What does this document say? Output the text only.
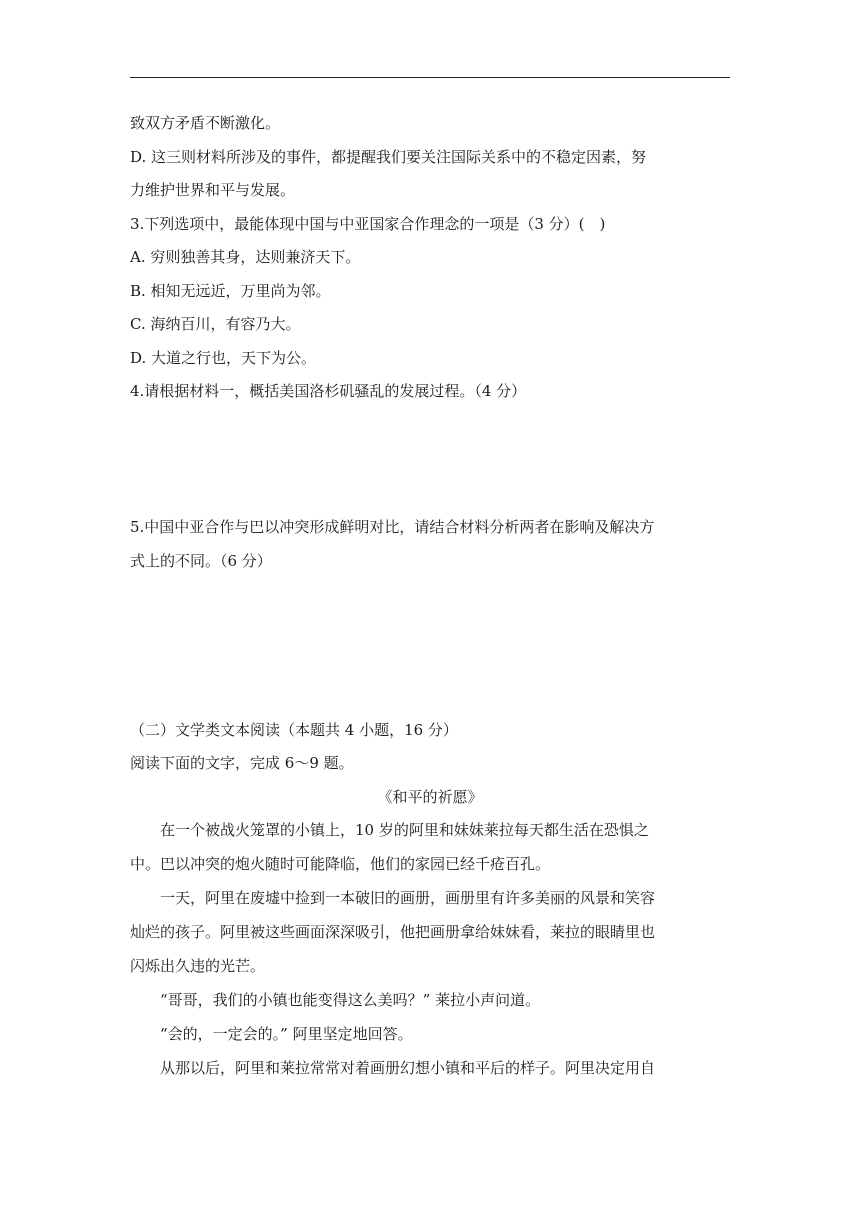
致双方矛盾不断激化。
D. 这三则材料所涉及的事件，都提醒我们要关注国际关系中的不稳定因素，努
力维护世界和平与发展。
3.下列选项中，最能体现中国与中亚国家合作理念的一项是（3 分）(　)
A. 穷则独善其身，达则兼济天下。
B. 相知无远近，万里尚为邻。
C. 海纳百川，有容乃大。
D. 大道之行也，天下为公。
4.请根据材料一，概括美国洛杉矶骚乱的发展过程。（4 分）
5.中国中亚合作与巴以冲突形成鲜明对比，请结合材料分析两者在影响及解决方
式上的不同。（6 分）
（二）文学类文本阅读（本题共 4 小题，16 分）
阅读下面的文字，完成 6～9 题。
《和平的祈愿》
在一个被战火笼罩的小镇上，10 岁的阿里和妹妹莱拉每天都生活在恐惧之
中。巴以冲突的炮火随时可能降临，他们的家园已经千疮百孔。
一天，阿里在废墟中捡到一本破旧的画册，画册里有许多美丽的风景和笑容
灿烂的孩子。阿里被这些画面深深吸引，他把画册拿给妹妹看，莱拉的眼睛里也
闪烁出久违的光芒。
“哥哥，我们的小镇也能变得这么美吗？” 莱拉小声问道。
“会的，一定会的。” 阿里坚定地回答。
从那以后，阿里和莱拉常常对着画册幻想小镇和平后的样子。阿里决定用自
